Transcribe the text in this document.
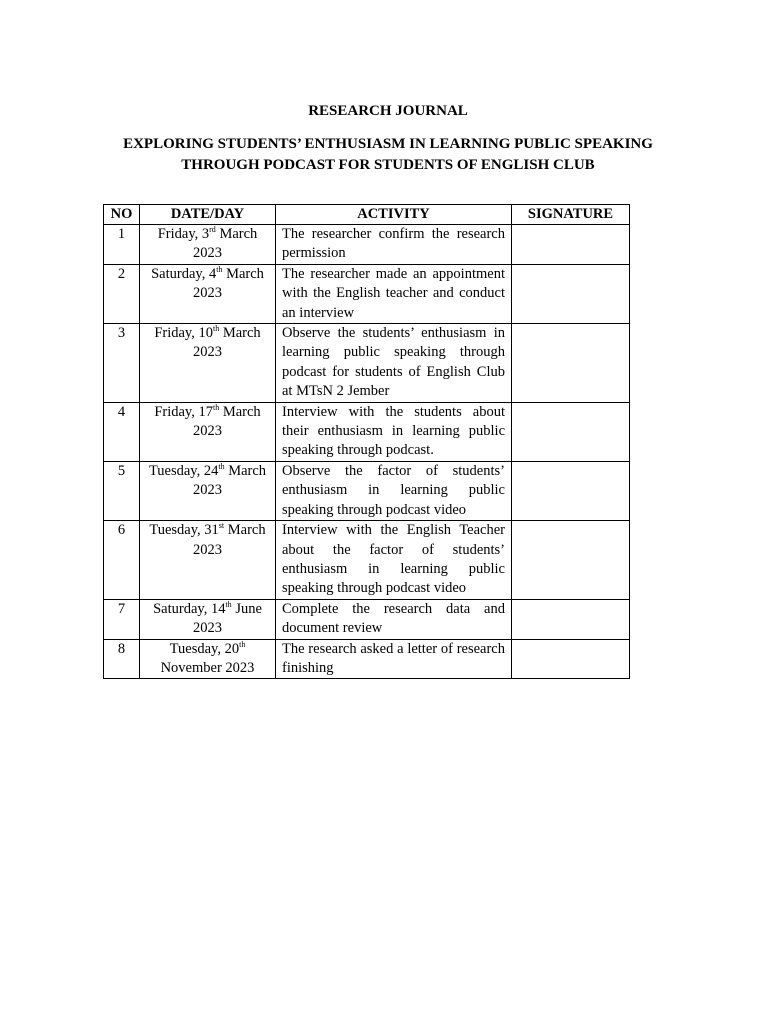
RESEARCH JOURNAL
EXPLORING STUDENTS’ ENTHUSIASM IN LEARNING PUBLIC SPEAKING THROUGH PODCAST FOR STUDENTS OF ENGLISH CLUB
NO	DATE/DAY	ACTIVITY	SIGNATURE
1	Friday, 3rd March 2023	The researcher confirm the research permission	
2	Saturday, 4th March 2023	The researcher made an appointment with the English teacher and conduct an interview	
3	Friday, 10th March 2023	Observe the students’ enthusiasm in learning public speaking through podcast for students of English Club at MTsN 2 Jember	
4	Friday, 17th March 2023	Interview with the students about their enthusiasm in learning public speaking through podcast.	
5	Tuesday, 24th March 2023	Observe the factor of students’ enthusiasm in learning public speaking through podcast video	
6	Tuesday, 31st March 2023	Interview with the English Teacher about the factor of students’ enthusiasm in learning public speaking through podcast video	
7	Saturday, 14th June 2023	Complete the research data and document review	
8	Tuesday, 20th November 2023	The research asked a letter of research finishing	
